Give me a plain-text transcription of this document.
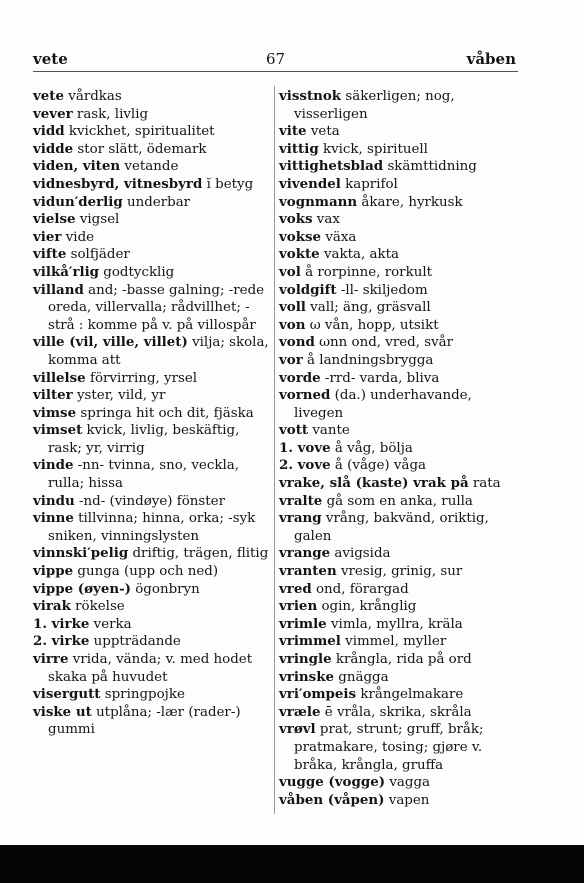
vete	67	våben
vete vårdkas
vever rask, livlig
vidd kvickhet, spiritualitet
vidde stor slätt, ödemark
viden, viten vetande
vidnesbyrd, vitnesbyrd ĭ betyg
vidun′derlig underbar
vielse vigsel
vier vide
vifte solfjäder
vilkå′rlig godtycklig
villand and; -basse galning; -rede oreda, villervalla; rådvillhet; -strå : komme på v. på villospår
ville (vil, ville, villet) vilja; skola, komma att
villelse förvirring, yrsel
vilter yster, vild, yr
vimse springa hit och dit, fjäska
vimset kvick, livlig, beskäftig, rask; yr, virrig
vinde -nn- tvinna, sno, veckla, rulla; hissa
vindu -nd- (vindøye) fönster
vinne tillvinna; hinna, orka; -syk sniken, vinningslystеn
vinnski′pelig driftig, trägen, flitig
vippe gunga (upp och ned)
vippe (øyen-) ögonbryn
virak rökelse
1. virke verka
2. virke uppträdande
virre vrida, vända; v. med hodet skaka på huvudet
visergutt springpojke
viske ut utplåna; -lær (rader-) gummi
visstnok säkerligen; nog, visserligen
vite veta
vittig kvick, spirituell
vittighetsblad skämttidning
vivendel kaprifol
vognmann åkare, hyrkusk
voks vax
vokse växa
vokte vakta, akta
vol å rorpinne, rorkult
voldgift -ll- skiljedom
voll vall; äng, gräsvall
von ω vån, hopp, utsikt
vond ωnn ond, vred, svår
vor å landningsbrygga
vorde -rrd- varda, bliva
vorned (da.) underhavande, livegen
vott vante
1. vove å våg, bölja
2. vove å (våge) våga
vrake, slå (kaste) vrak på rata
vralte gå som en anka, rulla
vrang vrång, bakvänd, oriktig, galen
vrange avigsida
vranten vresig, grinig, sur
vred ond, förargad
vrien ogin, krånglig
vrimle vimla, myllra, kräla
vrimmel vimmel, myller
vringle krångla, rida på ord
vrinske gnägga
vri′ompeis krångelmakare
vræle ē vråla, skrika, skråla
vrøvl prat, strunt; gruff, bråk; pratmakare, tosing; gjøre v. bråka, krångla, gruffa
vugge (vogge) vagga
våben (våpen) vapen
